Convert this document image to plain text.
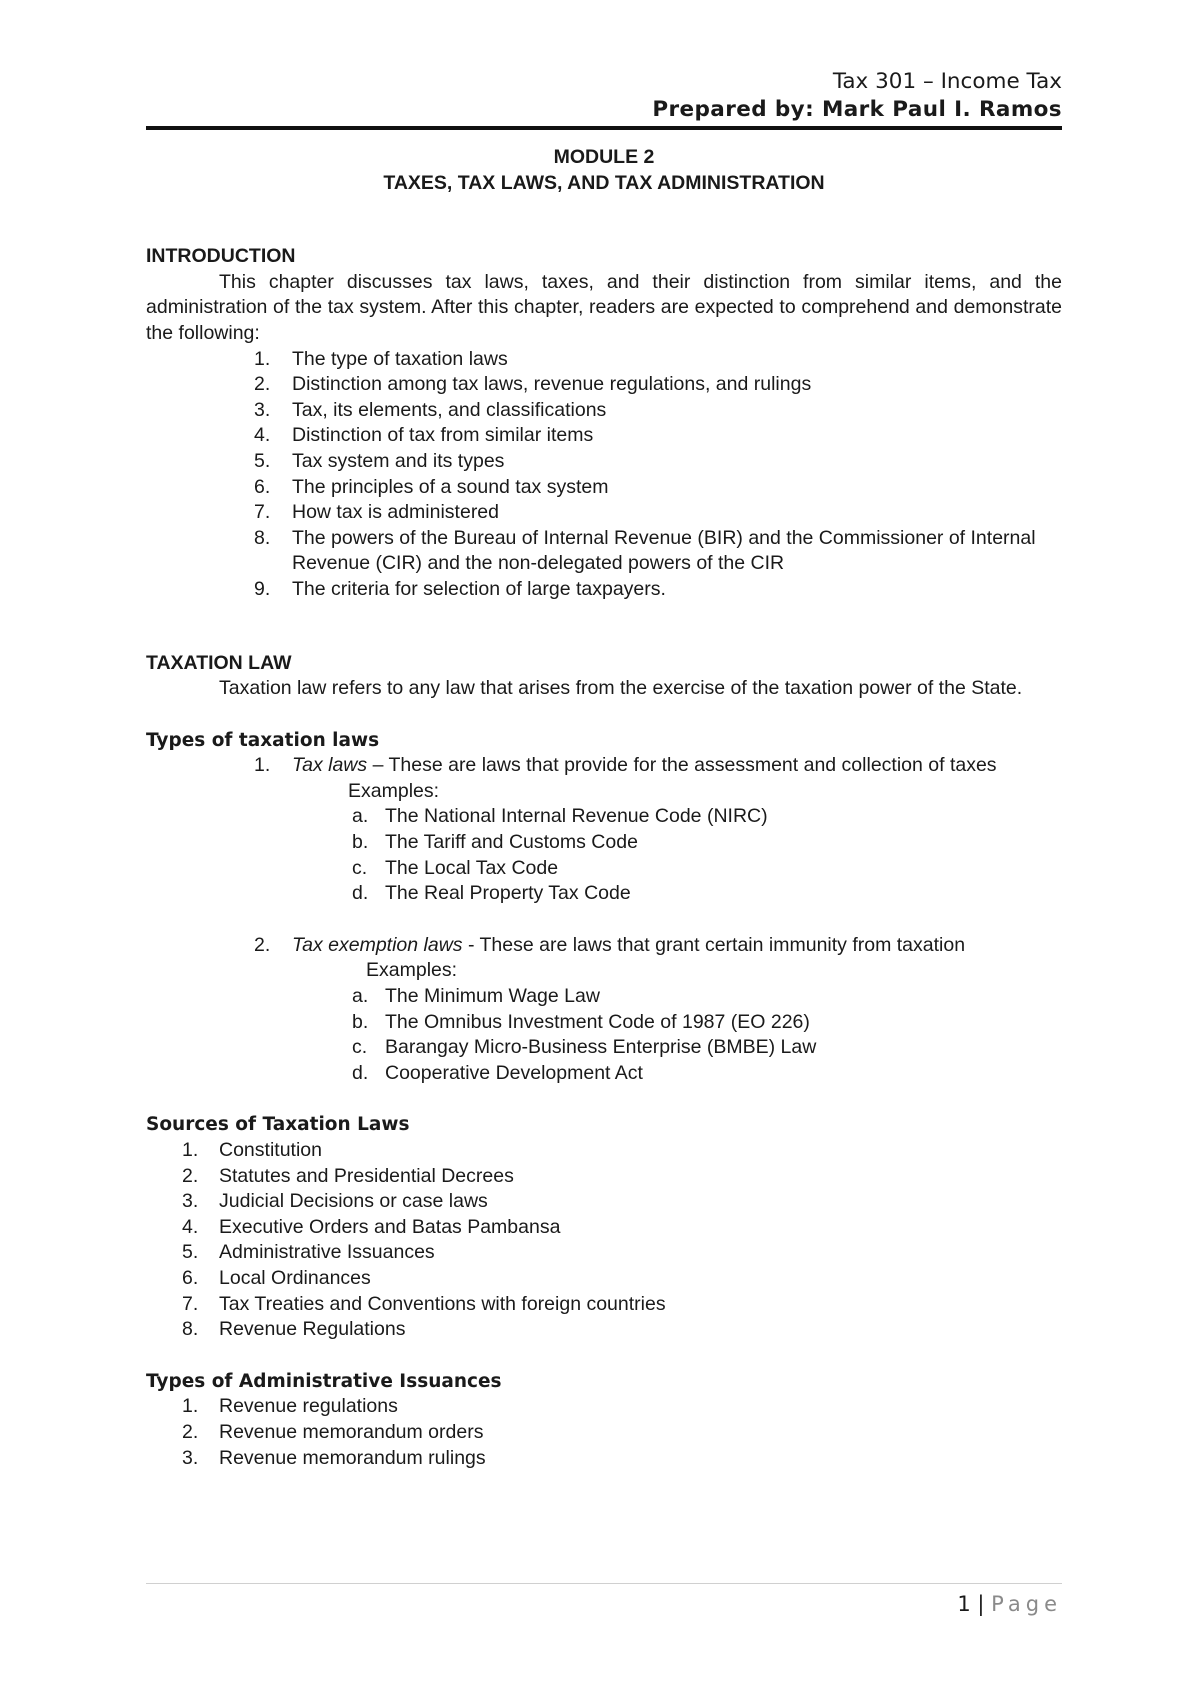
Tax 301 – Income Tax
Prepared by: Mark Paul I. Ramos
MODULE 2
TAXES, TAX LAWS, AND TAX ADMINISTRATION
INTRODUCTION
This chapter discusses tax laws, taxes, and their distinction from similar items, and the administration of the tax system. After this chapter, readers are expected to comprehend and demonstrate the following:
1. The type of taxation laws
2. Distinction among tax laws, revenue regulations, and rulings
3. Tax, its elements, and classifications
4. Distinction of tax from similar items
5. Tax system and its types
6. The principles of a sound tax system
7. How tax is administered
8. The powers of the Bureau of Internal Revenue (BIR) and the Commissioner of Internal Revenue (CIR) and the non-delegated powers of the CIR
9. The criteria for selection of large taxpayers.
TAXATION LAW
Taxation law refers to any law that arises from the exercise of the taxation power of the State.
Types of taxation laws
1. Tax laws – These are laws that provide for the assessment and collection of taxes
Examples:
a. The National Internal Revenue Code (NIRC)
b. The Tariff and Customs Code
c. The Local Tax Code
d. The Real Property Tax Code
2. Tax exemption laws - These are laws that grant certain immunity from taxation
Examples:
a. The Minimum Wage Law
b. The Omnibus Investment Code of 1987 (EO 226)
c. Barangay Micro-Business Enterprise (BMBE) Law
d. Cooperative Development Act
Sources of Taxation Laws
1. Constitution
2. Statutes and Presidential Decrees
3. Judicial Decisions or case laws
4. Executive Orders and Batas Pambansa
5. Administrative Issuances
6. Local Ordinances
7. Tax Treaties and Conventions with foreign countries
8. Revenue Regulations
Types of Administrative Issuances
1. Revenue regulations
2. Revenue memorandum orders
3. Revenue memorandum rulings
1 | Page
